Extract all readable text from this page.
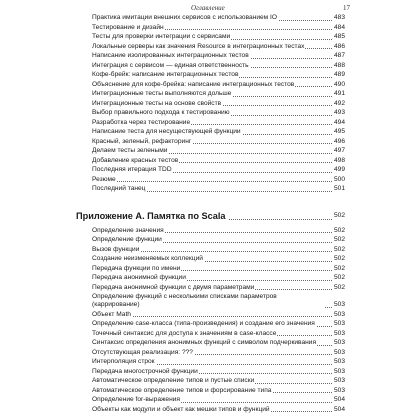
Оглавление	17
Практика имитации внешних сервисов с использованием IO	483
Тестирование и дизайн	484
Тесты для проверки интеграции с сервисами	485
Локальные серверы как значения Resource в интеграционных тестах	486
Написание изолированных интеграционных тестов	487
Интеграция с сервисом — единая ответственность	488
Кофе-брейк: написание интеграционных тестов	489
Объяснение для кофе-брейка: написание интеграционных тестов	490
Интеграционные тесты выполняются дольше	491
Интеграционные тесты на основе свойств	492
Выбор правильного подхода к тестированию	493
Разработка через тестирование	494
Написание теста для несуществующей функции	495
Красный, зеленый, рефакторинг	496
Делаем тесты зелеными	497
Добавление красных тестов	498
Последняя итерация TDD	499
Резюме	500
Последний танец	501
Приложение А. Памятка по Scala	502
Определение значения	502
Определение функции	502
Вызов функции	502
Создание неизменяемых коллекций	502
Передача функции по имени	502
Передача анонимной функции	502
Передача анонимной функции с двумя параметрами	502
Определение функций с несколькими списками параметров (каррирование)	503
Объект Math	503
Определение case-класса (типа-произведения) и создание его значения	503
Точечный синтаксис для доступа к значениям в case-классе	503
Синтаксис определения анонимных функций с символом подчеркивания	503
Отсутствующая реализация: ???	503
Интерполяция строк	503
Передача многострочной функции	503
Автоматическое определение типов и пустые списки	503
Автоматическое определение типов и форсирование типа	503
Определение for-выражения	504
Объекты как модули и объект как мешки типов и функций	504
